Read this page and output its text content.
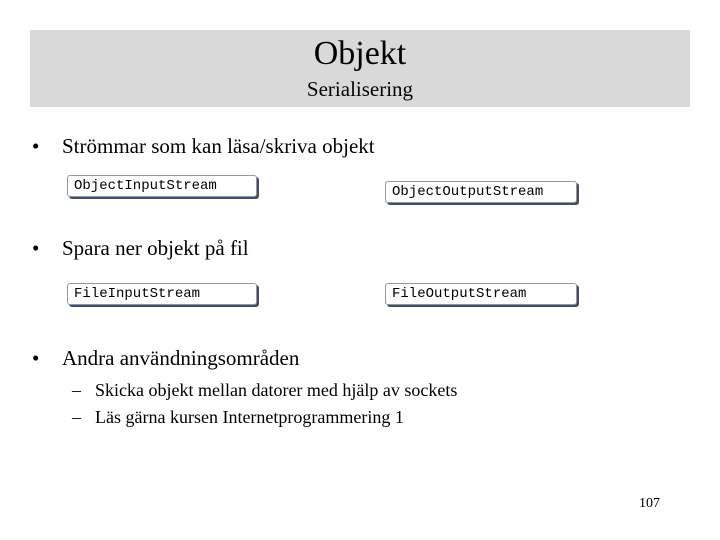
Objekt
Serialisering
• Strömmar som kan läsa/skriva objekt
ObjectInputStream	ObjectOutputStream
• Spara ner objekt på fil
FileInputStream	FileOutputStream
• Andra användningsområden
– Skicka objekt mellan datorer med hjälp av sockets
– Läs gärna kursen Internetprogrammering 1
107
